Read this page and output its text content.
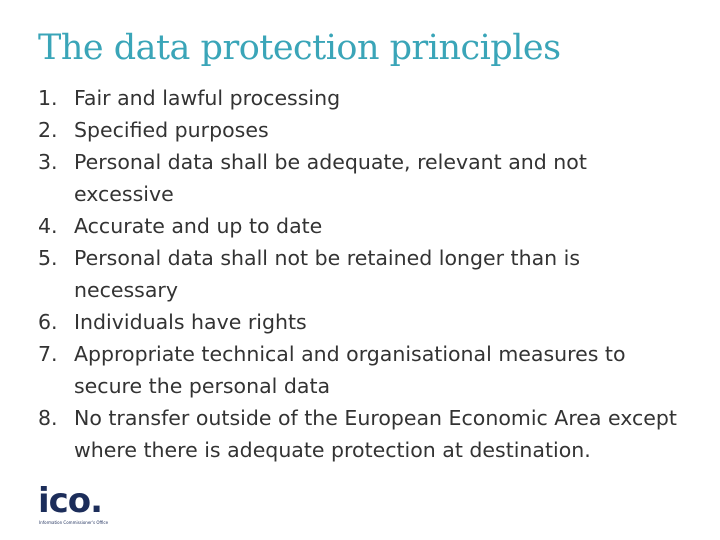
The data protection principles
1. Fair and lawful processing
2. Specified purposes
3. Personal data shall be adequate, relevant and not excessive
4. Accurate and up to date
5. Personal data shall not be retained longer than is necessary
6. Individuals have rights
7. Appropriate technical and organisational measures to secure the personal data
8. No transfer outside of the European Economic Area except where there is adequate protection at destination.
ico.
Information Commissioner's Office
